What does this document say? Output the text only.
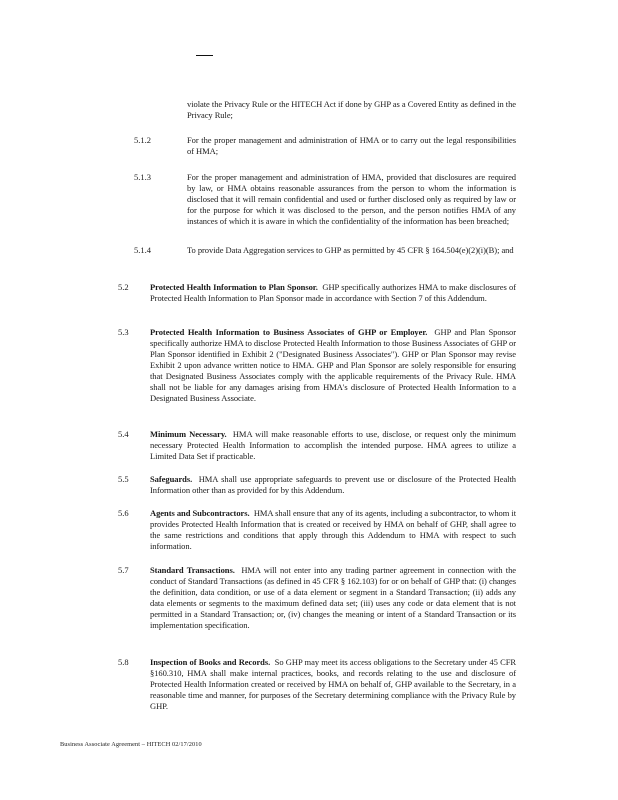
violate the Privacy Rule or the HITECH Act if done by GHP as a Covered Entity as defined in the Privacy Rule;
5.1.2	For the proper management and administration of HMA or to carry out the legal responsibilities of HMA;
5.1.3	For the proper management and administration of HMA, provided that disclosures are required by law, or HMA obtains reasonable assurances from the person to whom the information is disclosed that it will remain confidential and used or further disclosed only as required by law or for the purpose for which it was disclosed to the person, and the person notifies HMA of any instances of which it is aware in which the confidentiality of the information has been breached;
5.1.4	To provide Data Aggregation services to GHP as permitted by 45 CFR § 164.504(e)(2)(i)(B); and
5.2	Protected Health Information to Plan Sponsor. GHP specifically authorizes HMA to make disclosures of Protected Health Information to Plan Sponsor made in accordance with Section 7 of this Addendum.
5.3	Protected Health Information to Business Associates of GHP or Employer. GHP and Plan Sponsor specifically authorize HMA to disclose Protected Health Information to those Business Associates of GHP or Plan Sponsor identified in Exhibit 2 ("Designated Business Associates"). GHP or Plan Sponsor may revise Exhibit 2 upon advance written notice to HMA. GHP and Plan Sponsor are solely responsible for ensuring that Designated Business Associates comply with the applicable requirements of the Privacy Rule. HMA shall not be liable for any damages arising from HMA's disclosure of Protected Health Information to a Designated Business Associate.
5.4	Minimum Necessary. HMA will make reasonable efforts to use, disclose, or request only the minimum necessary Protected Health Information to accomplish the intended purpose. HMA agrees to utilize a Limited Data Set if practicable.
5.5	Safeguards. HMA shall use appropriate safeguards to prevent use or disclosure of the Protected Health Information other than as provided for by this Addendum.
5.6	Agents and Subcontractors. HMA shall ensure that any of its agents, including a subcontractor, to whom it provides Protected Health Information that is created or received by HMA on behalf of GHP, shall agree to the same restrictions and conditions that apply through this Addendum to HMA with respect to such information.
5.7	Standard Transactions. HMA will not enter into any trading partner agreement in connection with the conduct of Standard Transactions (as defined in 45 CFR § 162.103) for or on behalf of GHP that: (i) changes the definition, data condition, or use of a data element or segment in a Standard Transaction; (ii) adds any data elements or segments to the maximum defined data set; (iii) uses any code or data element that is not permitted in a Standard Transaction; or, (iv) changes the meaning or intent of a Standard Transaction or its implementation specification.
5.8	Inspection of Books and Records. So GHP may meet its access obligations to the Secretary under 45 CFR §160.310, HMA shall make internal practices, books, and records relating to the use and disclosure of Protected Health Information created or received by HMA on behalf of, GHP available to the Secretary, in a reasonable time and manner, for purposes of the Secretary determining compliance with the Privacy Rule by GHP.
Business Associate Agreement – HITECH 02/17/2010
